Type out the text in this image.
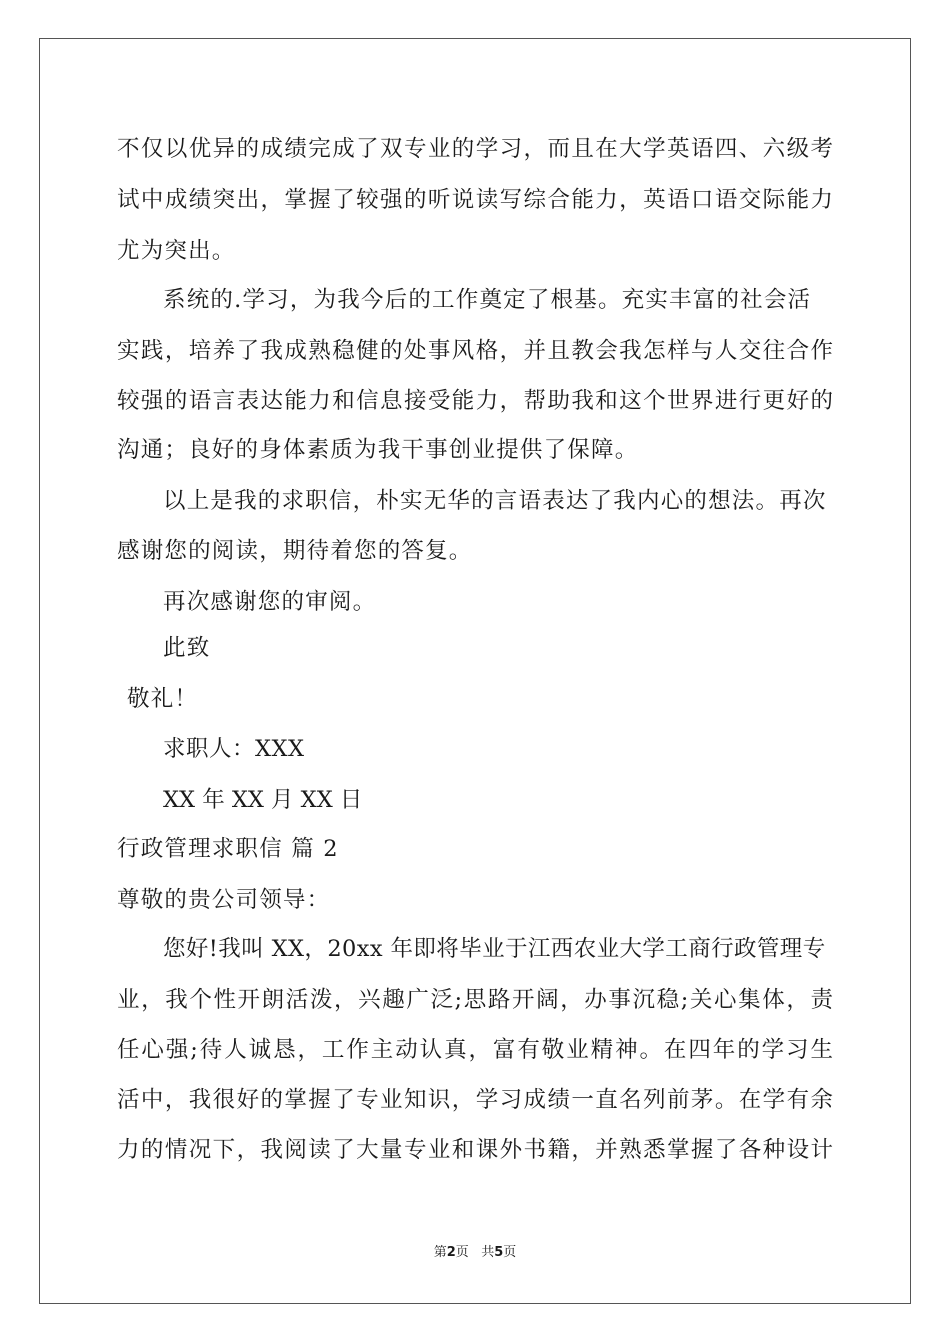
不仅以优异的成绩完成了双专业的学习，而且在大学英语四、六级考
试中成绩突出，掌握了较强的听说读写综合能力，英语口语交际能力
尤为突出。
系统的.学习，为我今后的工作奠定了根基。充实丰富的社会活
实践，培养了我成熟稳健的处事风格，并且教会我怎样与人交往合作
较强的语言表达能力和信息接受能力，帮助我和这个世界进行更好的
沟通；良好的身体素质为我干事创业提供了保障。
以上是我的求职信，朴实无华的言语表达了我内心的想法。再次
感谢您的阅读，期待着您的答复。
再次感谢您的审阅。
此致
敬礼！
求职人：XXX
XX 年 XX 月 XX 日
行政管理求职信 篇 2
尊敬的贵公司领导：
您好!我叫 XX，20xx 年即将毕业于江西农业大学工商行政管理专
业，我个性开朗活泼，兴趣广泛;思路开阔，办事沉稳;关心集体，责
任心强;待人诚恳，工作主动认真，富有敬业精神。在四年的学习生
活中，我很好的掌握了专业知识，学习成绩一直名列前茅。在学有余
力的情况下，我阅读了大量专业和课外书籍，并熟悉掌握了各种设计
第2页 共5页
